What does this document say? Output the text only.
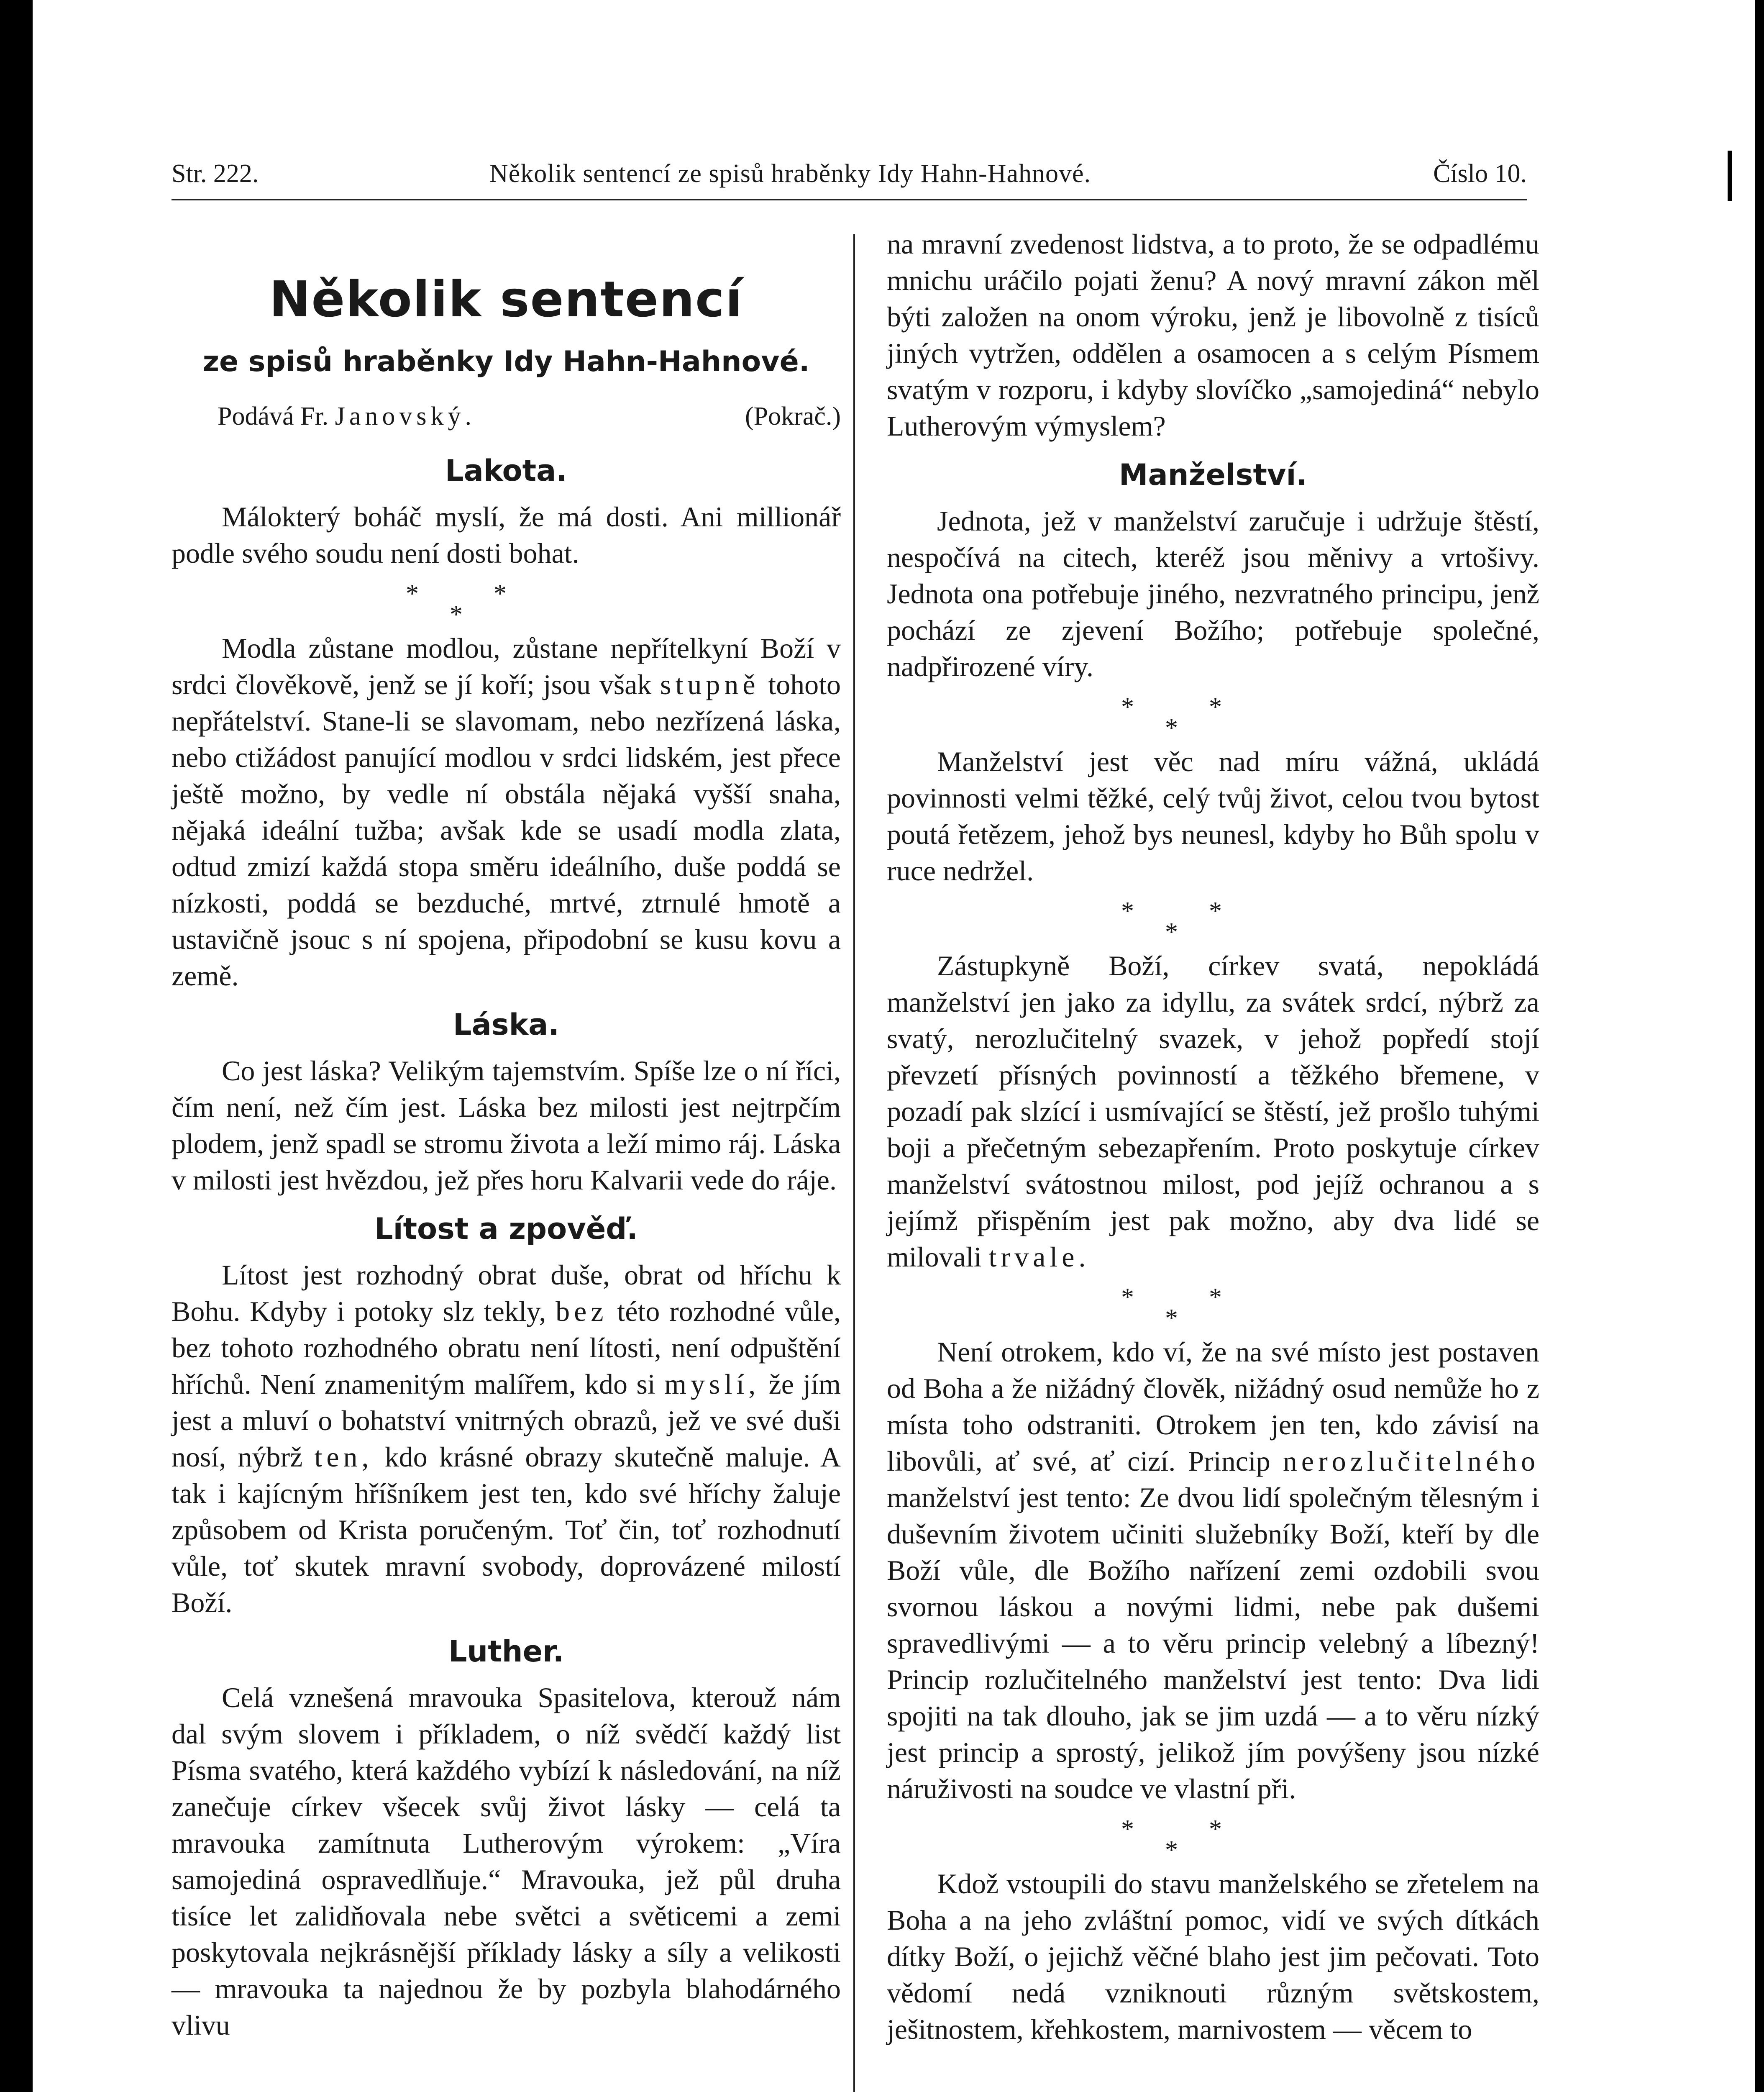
Str. 222.	Několik sentencí ze spisů hraběnky Idy Hahn-Hahnové.	Číslo 10.
Několik sentencí
ze spisů hraběnky Idy Hahn-Hahnové.
Podává Fr. Janovský.	(Pokrač.)
Lakota.

Málokterý boháč myslí, že má dosti. Ani millionář podle svého soudu není dosti bohat.

*	*
*

Modla zůstane modlou, zůstane nepřítelkyní Boží v srdci člověkově, jenž se jí koří; jsou však stupně tohoto nepřátelství. Stane-li se slavomam, nebo nezřízená láska, nebo ctižádost panující modlou v srdci lidském, jest přece ještě možno, by vedle ní obstála nějaká vyšší snaha, nějaká ideální tužba; avšak kde se usadí modla zlata, odtud zmizí každá stopa směru ideálního, duše poddá se nízkosti, poddá se bezduché, mrtvé, ztrnulé hmotě a ustavičně jsouc s ní spojena, připodobní se kusu kovu a země.

Láska.

Co jest láska? Velikým tajemstvím. Spíše lze o ní říci, čím není, než čím jest. Láska bez milosti jest nejtrpčím plodem, jenž spadl se stromu života a leží mimo ráj. Láska v milosti jest hvězdou, jež přes horu Kalvarii vede do ráje.

Lítost a zpověď.

Lítost jest rozhodný obrat duše, obrat od hříchu k Bohu. Kdyby i potoky slz tekly, bez této rozhodné vůle, bez tohoto rozhodného obratu není lítosti, není odpuštění hříchů. Není znamenitým malířem, kdo si myslí, že jím jest a mluví o bohatství vnitrných obrazů, jež ve své duši nosí, nýbrž ten, kdo krásné obrazy skutečně maluje. A tak i kajícným hříšníkem jest ten, kdo své hříchy žaluje způsobem od Krista poručeným. Toť čin, toť rozhodnutí vůle, toť skutek mravní svobody, doprovázené milostí Boží.

Luther.

Celá vznešená mravouka Spasitelova, kterouž nám dal svým slovem i příkladem, o níž svědčí každý list Písma svatého, která každého vybízí k následování, na níž zanečuje církev všecek svůj život lásky — celá ta mravouka zamítnuta Lutherovým výrokem: „Víra samojediná ospravedlňuje.“ Mravouka, jež půl druha tisíce let zalidňovala nebe světci a světicemi a zemi poskytovala nejkrásnější příklady lásky a síly a velikosti — mravouka ta najednou že by pozbyla blahodárného vlivu

na mravní zvedenost lidstva, a to proto, že se odpadlému mnichu uráčilo pojati ženu? A nový mravní zákon měl býti založen na onom výroku, jenž je libovolně z tisíců jiných vytržen, oddělen a osamocen a s celým Písmem svatým v rozporu, i kdyby slovíčko „samojediná“ nebylo Lutherovým výmyslem?

Manželství.

Jednota, jež v manželství zaručuje i udržuje štěstí, nespočívá na citech, kteréž jsou měnivy a vrtošivy. Jednota ona potřebuje jiného, nezvratného principu, jenž pochází ze zjevení Božího; potřebuje společné, nadpřirozené víry.

*	*
*

Manželství jest věc nad míru vážná, ukládá povinnosti velmi těžké, celý tvůj život, celou tvou bytost poutá řetězem, jehož bys neunesl, kdyby ho Bůh spolu v ruce nedržel.

*	*
*

Zástupkyně Boží, církev svatá, nepokládá manželství jen jako za idyllu, za svátek srdcí, nýbrž za svatý, nerozlučitelný svazek, v jehož popředí stojí převzetí přísných povinností a těžkého břemene, v pozadí pak slzící i usmívající se štěstí, jež prošlo tuhými boji a přečetným sebezapřením. Proto poskytuje církev manželství svátostnou milost, pod jejíž ochranou a s jejímž přispěním jest pak možno, aby dva lidé se milovali trvale.

*	*
*

Není otrokem, kdo ví, že na své místo jest postaven od Boha a že nižádný člověk, nižádný osud nemůže ho z místa toho odstraniti. Otrokem jen ten, kdo závisí na libovůli, ať své, ať cizí. Princip nerozlučitelného manželství jest tento: Ze dvou lidí společným tělesným i duševním životem učiniti služebníky Boží, kteří by dle Boží vůle, dle Božího nařízení zemi ozdobili svou svornou láskou a novými lidmi, nebe pak dušemi spravedlivými — a to věru princip velebný a líbezný! Princip rozlučitelného manželství jest tento: Dva lidi spojiti na tak dlouho, jak se jim uzdá — a to věru nízký jest princip a sprostý, jelikož jím povýšeny jsou nízké náruživosti na soudce ve vlastní při.

*	*
*

Kdož vstoupili do stavu manželského se zřetelem na Boha a na jeho zvláštní pomoc, vidí ve svých dítkách dítky Boží, o jejichž věčné blaho jest jim pečovati. Toto vědomí nedá vzniknouti různým světskostem, ješitnostem, křehkostem, marnivostem — věcem to
